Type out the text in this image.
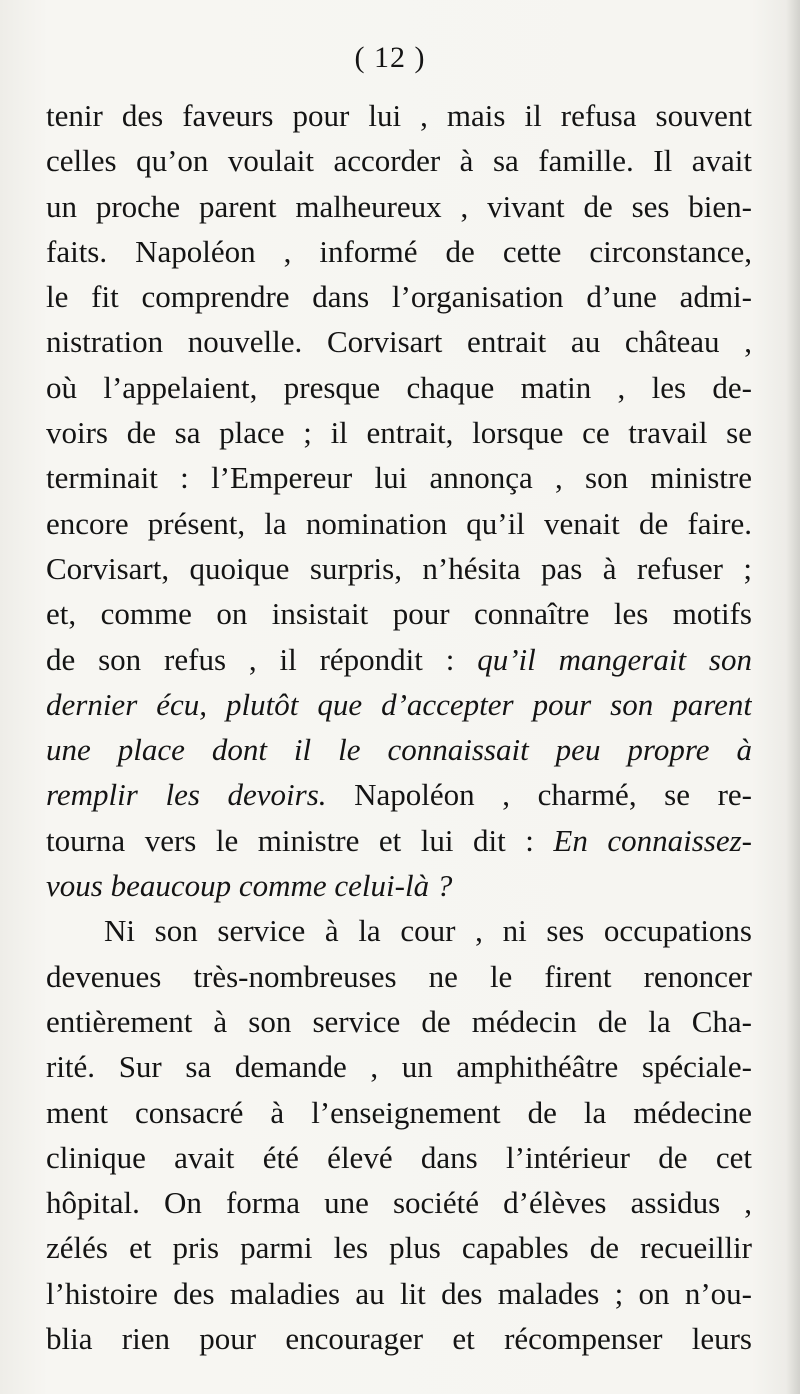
( 12 )
tenir des faveurs pour lui , mais il refusa souvent
celles qu’on voulait accorder à sa famille. Il avait
un proche parent malheureux , vivant de ses bien-
faits. Napoléon , informé de cette circonstance,
le fit comprendre dans l’organisation d’une admi-
nistration nouvelle. Corvisart entrait au château ,
où l’appelaient, presque chaque matin , les de-
voirs de sa place ; il entrait, lorsque ce travail se
terminait : l’Empereur lui annonça , son ministre
encore présent, la nomination qu’il venait de faire.
Corvisart, quoique surpris, n’hésita pas à refuser ;
et, comme on insistait pour connaître les motifs
de son refus , il répondit : qu’il mangerait son
dernier écu, plutôt que d’accepter pour son parent
une place dont il le connaissait peu propre à
remplir les devoirs. Napoléon , charmé, se re-
tourna vers le ministre et lui dit : En connaissez-
vous beaucoup comme celui-là ?
Ni son service à la cour , ni ses occupations
devenues très-nombreuses ne le firent renoncer
entièrement à son service de médecin de la Cha-
rité. Sur sa demande , un amphithéâtre spéciale-
ment consacré à l’enseignement de la médecine
clinique avait été élevé dans l’intérieur de cet
hôpital. On forma une société d’élèves assidus ,
zélés et pris parmi les plus capables de recueillir
l’histoire des maladies au lit des malades ; on n’ou-
blia rien pour encourager et récompenser leurs
